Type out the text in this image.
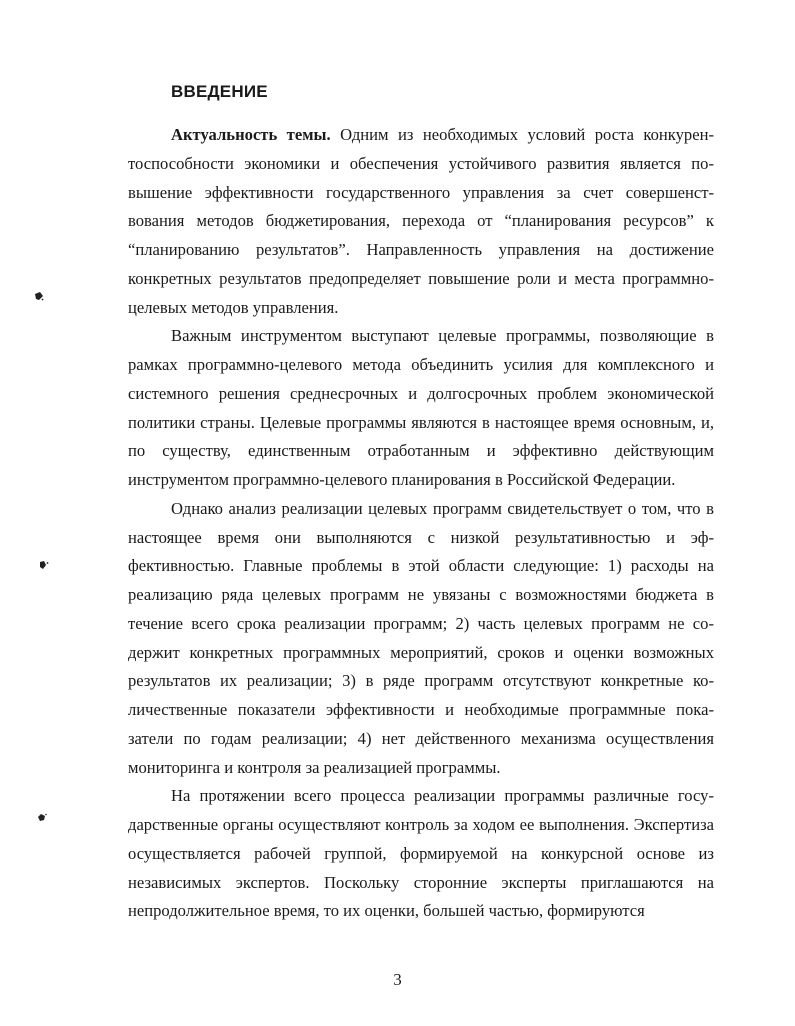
ВВЕДЕНИЕ

Актуальность темы. Одним из необходимых условий роста конкурентоспособности экономики и обеспечения устойчивого развития является повышение эффективности государственного управления за счет совершенствования методов бюджетирования, перехода от “планирования ресурсов” к “планированию результатов”. Направленность управления на достижение конкретных результатов предопределяет повышение роли и места программно-целевых методов управления.

Важным инструментом выступают целевые программы, позволяющие в рамках программно-целевого метода объединить усилия для комплексного и системного решения среднесрочных и долгосрочных проблем экономической политики страны. Целевые программы являются в настоящее время основным, и, по существу, единственным отработанным и эффективно действующим инструментом программно-целевого планирования в Российской Федерации.

Однако анализ реализации целевых программ свидетельствует о том, что в настоящее время они выполняются с низкой результативностью и эффективностью. Главные проблемы в этой области следующие: 1) расходы на реализацию ряда целевых программ не увязаны с возможностями бюджета в течение всего срока реализации программ; 2) часть целевых программ не содержит конкретных программных мероприятий, сроков и оценки возможных результатов их реализации; 3) в ряде программ отсутствуют конкретные количественные показатели эффективности и необходимые программные показатели по годам реализации; 4) нет действенного механизма осуществления мониторинга и контроля за реализацией программы.

На протяжении всего процесса реализации программы различные государственные органы осуществляют контроль за ходом ее выполнения. Экспертиза осуществляется рабочей группой, формируемой на конкурсной основе из независимых экспертов. Поскольку сторонние эксперты приглашаются на непродолжительное время, то их оценки, большей частью, формируются

3
